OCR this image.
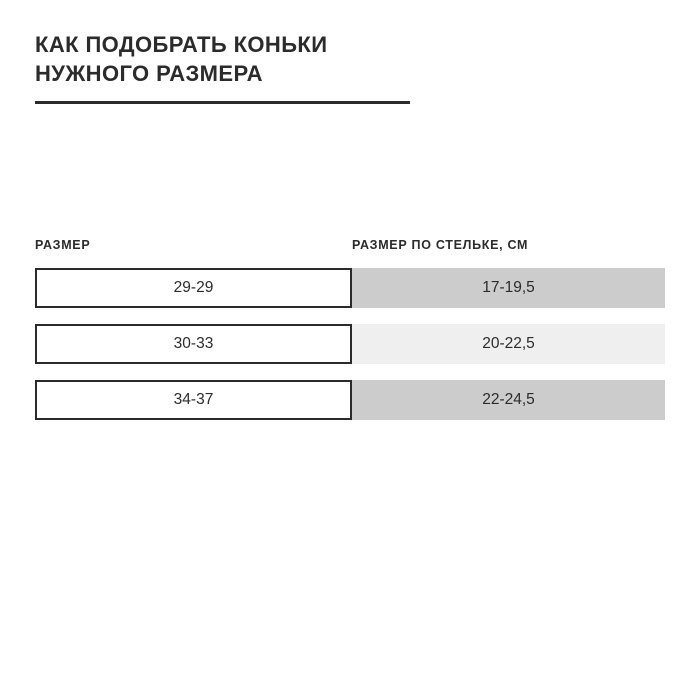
КАК ПОДОБРАТЬ КОНЬКИ
НУЖНОГО РАЗМЕРА
РАЗМЕР	РАЗМЕР ПО СТЕЛЬКЕ, СМ
29-29	17-19,5
30-33	20-22,5
34-37	22-24,5
